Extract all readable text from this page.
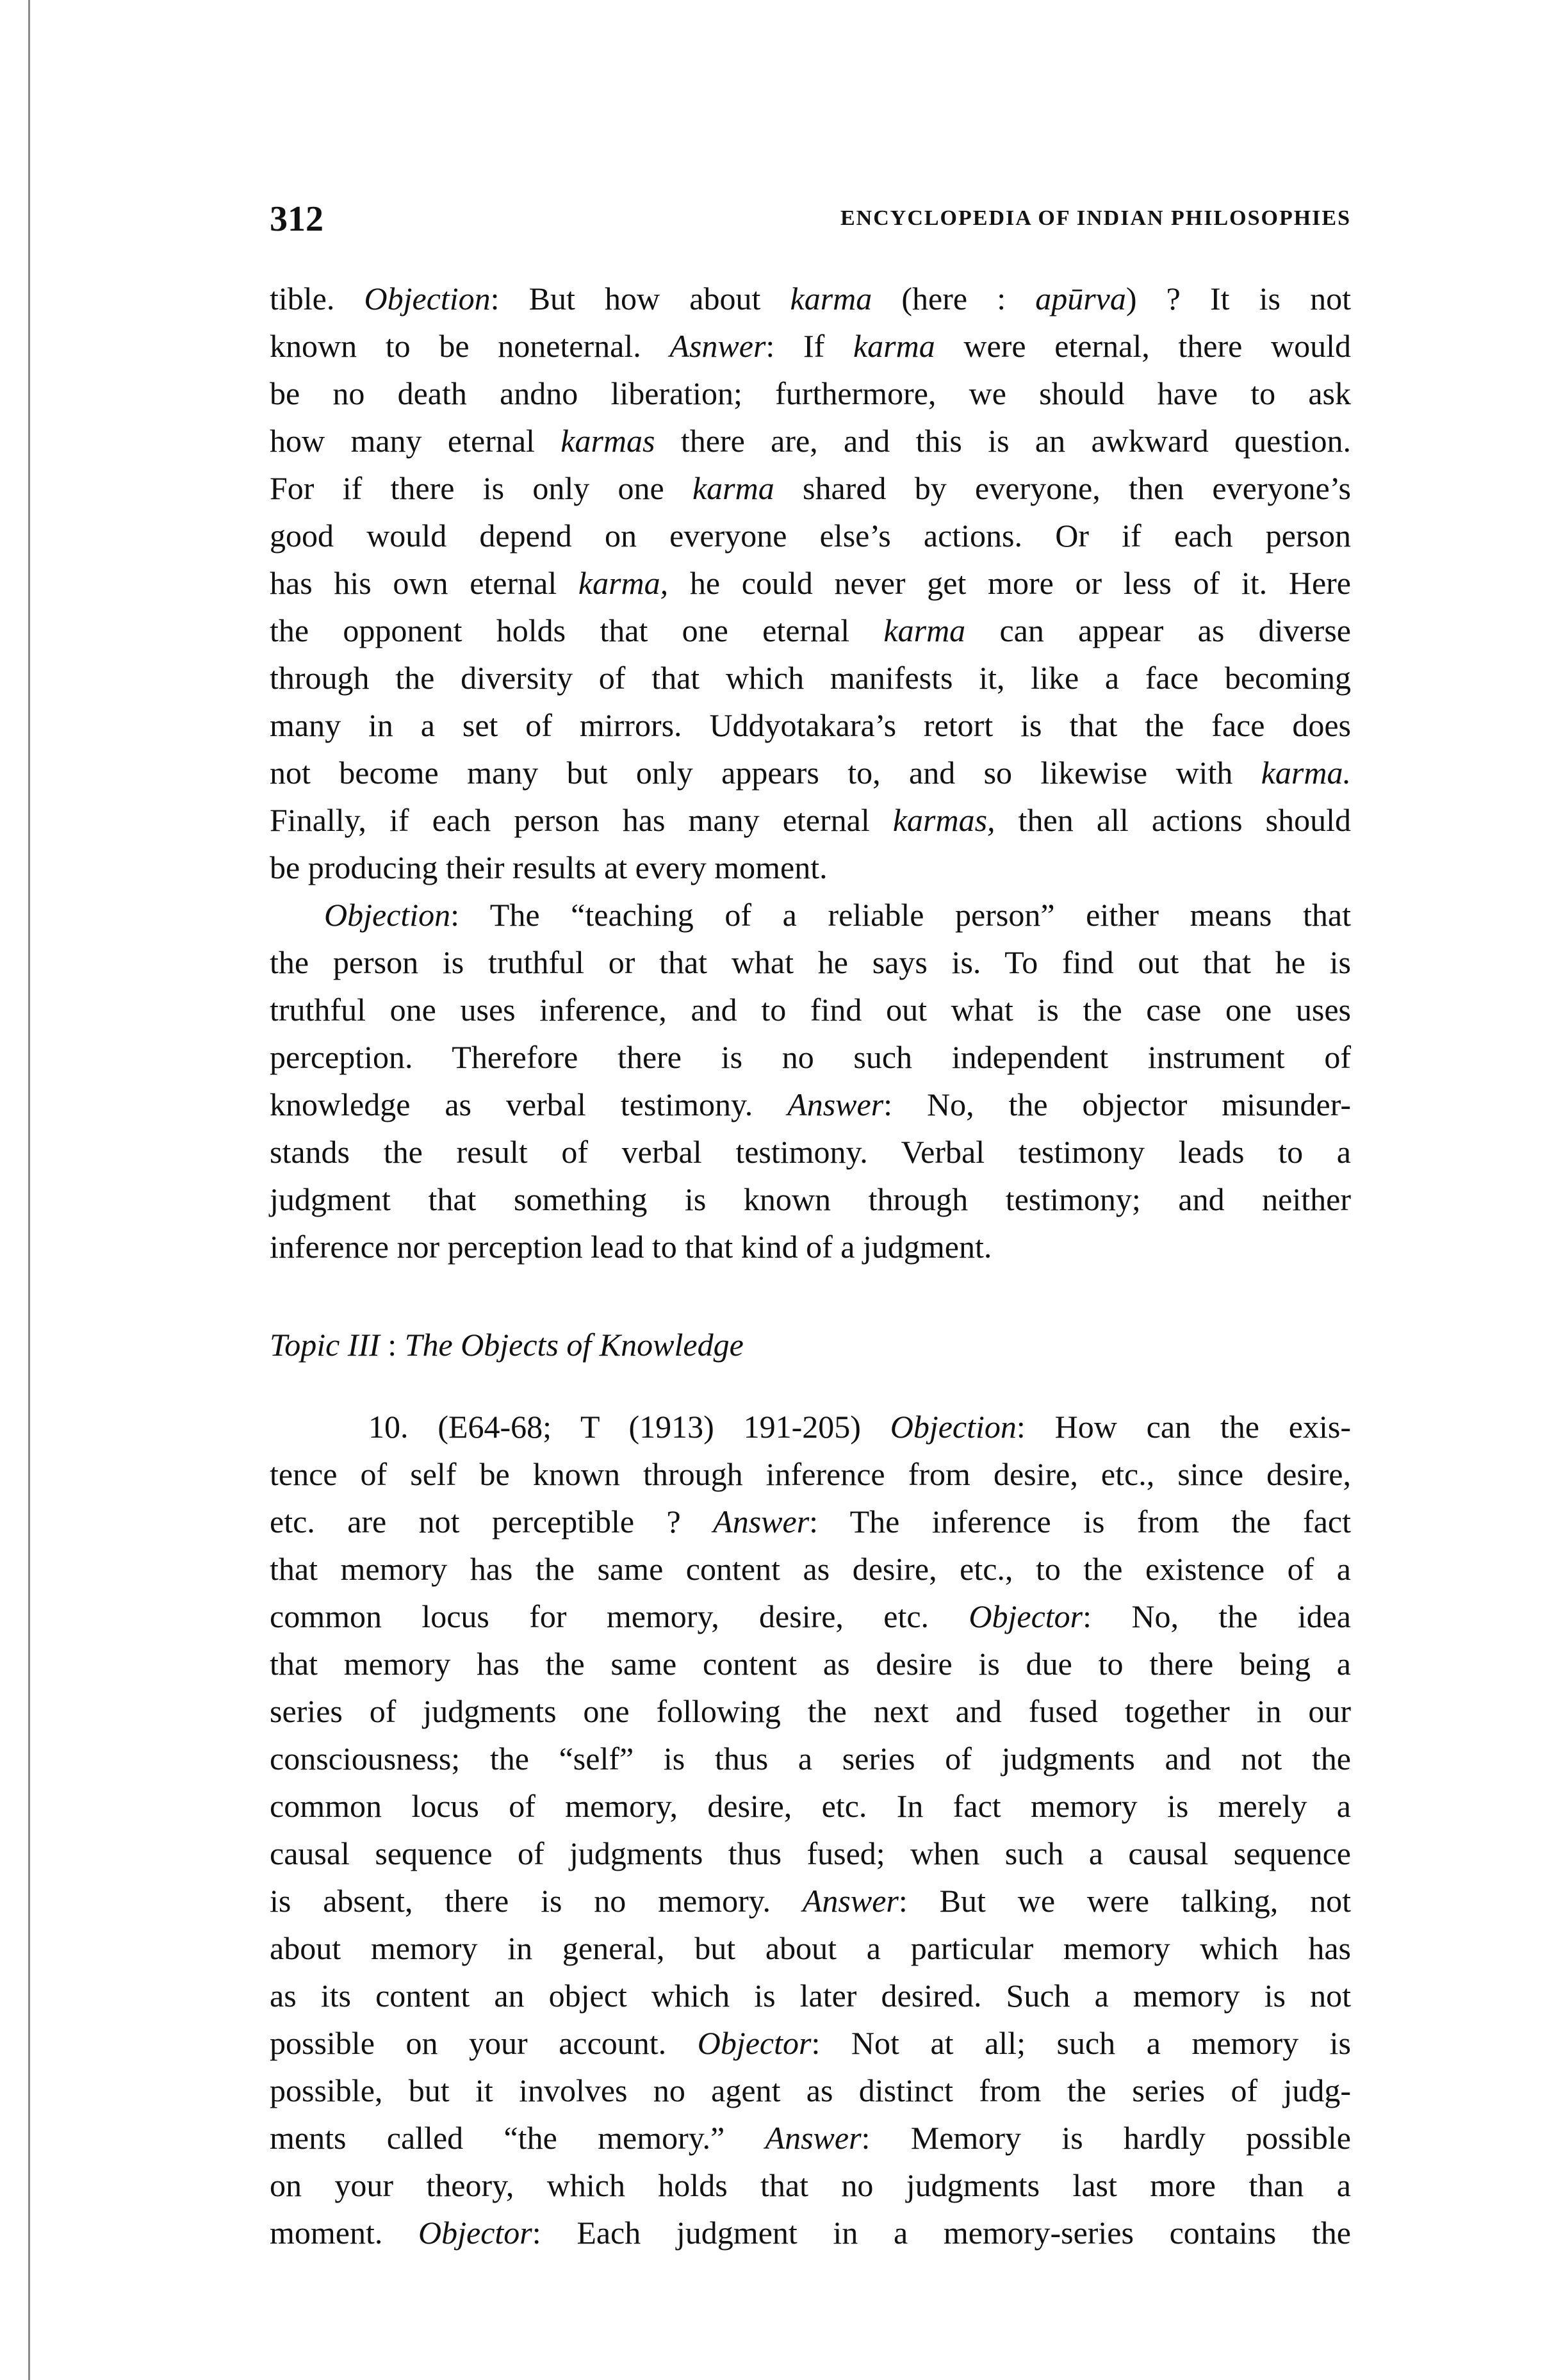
312	ENCYCLOPEDIA OF INDIAN PHILOSOPHIES
tible. Objection: But how about karma (here : apūrva) ? It is not
known to be noneternal. Asnwer: If karma were eternal, there would
be no death andno liberation; furthermore, we should have to ask
how many eternal karmas there are, and this is an awkward question.
For if there is only one karma shared by everyone, then everyone’s
good would depend on everyone else’s actions. Or if each person
has his own eternal karma, he could never get more or less of it. Here
the opponent holds that one eternal karma can appear as diverse
through the diversity of that which manifests it, like a face becoming
many in a set of mirrors. Uddyotakara’s retort is that the face does
not become many but only appears to, and so likewise with karma.
Finally, if each person has many eternal karmas, then all actions should
be producing their results at every moment.
Objection: The “teaching of a reliable person” either means that
the person is truthful or that what he says is. To find out that he is
truthful one uses inference, and to find out what is the case one uses
perception. Therefore there is no such independent instrument of
knowledge as verbal testimony. Answer: No, the objector misunder-
stands the result of verbal testimony. Verbal testimony leads to a
judgment that something is known through testimony; and neither
inference nor perception lead to that kind of a judgment.
Topic III : The Objects of Knowledge
10. (E64-68; T (1913) 191-205) Objection: How can the exis-
tence of self be known through inference from desire, etc., since desire,
etc. are not perceptible ? Answer: The inference is from the fact
that memory has the same content as desire, etc., to the existence of a
common locus for memory, desire, etc. Objector: No, the idea
that memory has the same content as desire is due to there being a
series of judgments one following the next and fused together in our
consciousness; the “self” is thus a series of judgments and not the
common locus of memory, desire, etc. In fact memory is merely a
causal sequence of judgments thus fused; when such a causal sequence
is absent, there is no memory. Answer: But we were talking, not
about memory in general, but about a particular memory which has
as its content an object which is later desired. Such a memory is not
possible on your account. Objector: Not at all; such a memory is
possible, but it involves no agent as distinct from the series of judg-
ments called “the memory.” Answer: Memory is hardly possible
on your theory, which holds that no judgments last more than a
moment. Objector: Each judgment in a memory-series contains the
